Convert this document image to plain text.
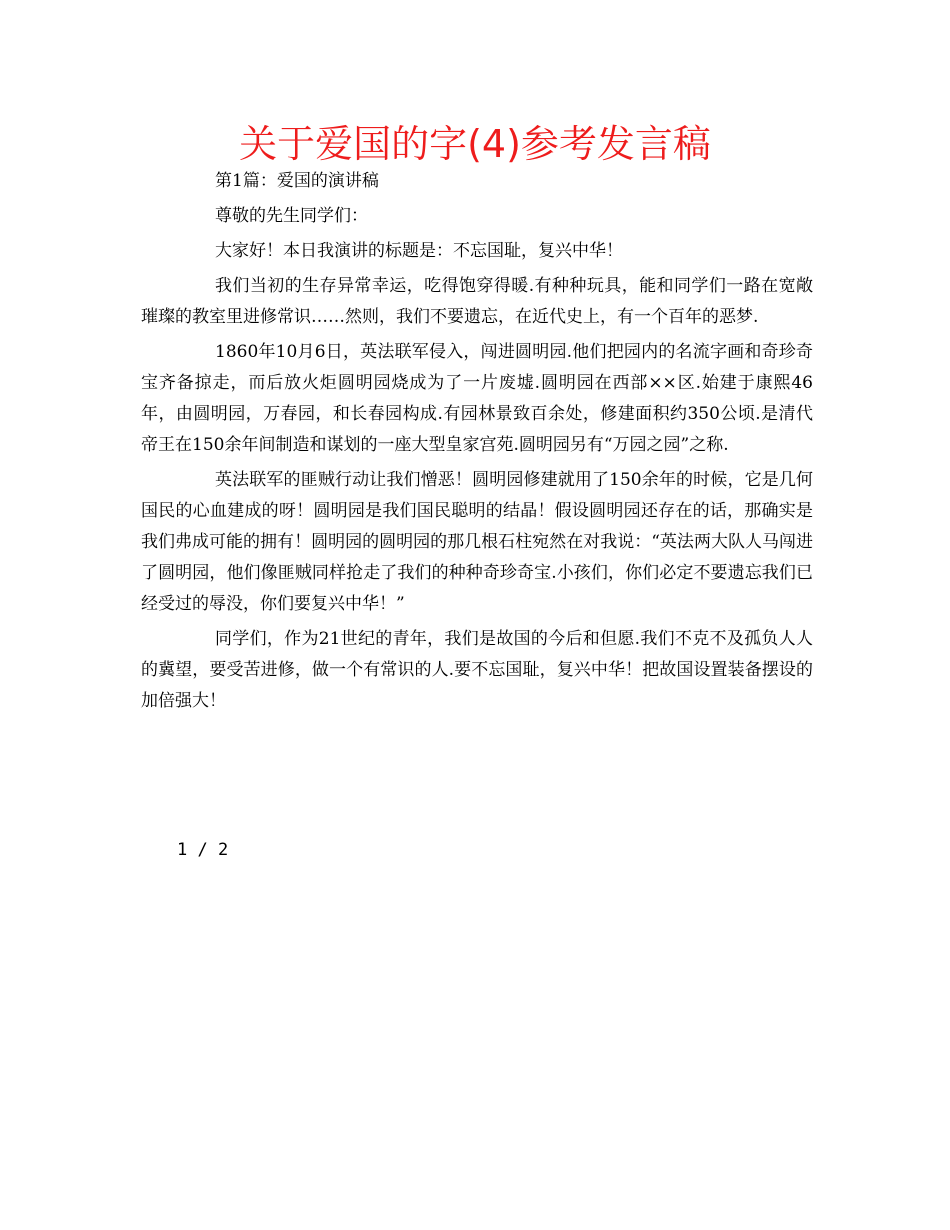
关于爱国的字(4)参考发言稿

第1篇：爱国的演讲稿

尊敬的先生同学们：

大家好！本日我演讲的标题是：不忘国耻，复兴中华！

我们当初的生存异常幸运，吃得饱穿得暖.有种种玩具，能和同学们一路在宽敞璀璨的教室里进修常识……然则，我们不要遗忘，在近代史上，有一个百年的恶梦.

1860年10月6日，英法联军侵入，闯进圆明园.他们把园内的名流字画和奇珍奇宝齐备掠走，而后放火炬圆明园烧成为了一片废墟.圆明园在西部××区.始建于康熙46年，由圆明园，万春园，和长春园构成.有园林景致百余处，修建面积约350公顷.是清代帝王在150余年间制造和谋划的一座大型皇家宫苑.圆明园另有“万园之园”之称.

英法联军的匪贼行动让我们憎恶！圆明园修建就用了150余年的时候，它是几何国民的心血建成的呀！圆明园是我们国民聪明的结晶！假设圆明园还存在的话，那确实是我们弗成可能的拥有！圆明园的圆明园的那几根石柱宛然在对我说：“英法两大队人马闯进了圆明园，他们像匪贼同样抢走了我们的种种奇珍奇宝.小孩们，你们必定不要遗忘我们已经受过的辱没，你们要复兴中华！”

同学们，作为21世纪的青年，我们是故国的今后和但愿.我们不克不及孤负人人的冀望，要受苦进修，做一个有常识的人.要不忘国耻，复兴中华！把故国设置装备摆设的加倍强大！

1 / 2
